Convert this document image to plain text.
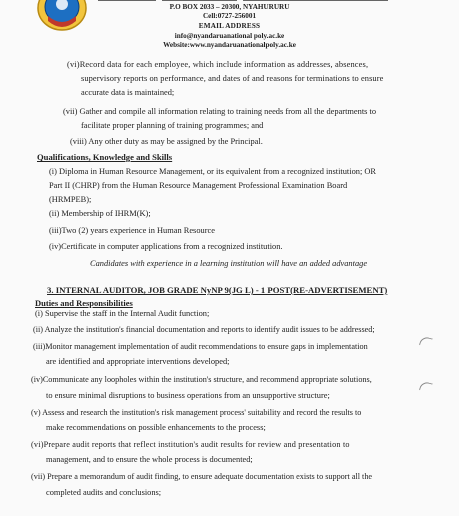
P.O BOX 2033 – 20300, NYAHURURU
Cell:0727-256001
EMAIL ADDRESS
info@nyandaruanational poly.ac.ke
Website:www.nyandaruanationalpoly.ac.ke
(vi)Record data for each employee, which include information as addresses, absences,
supervisory reports on performance, and dates of and reasons for terminations to ensure
accurate data is maintained;
(vii) Gather and compile all information relating to training needs from all the departments to
facilitate proper planning of training programmes; and
(viii) Any other duty as may be assigned by the Principal.
Qualifications, Knowledge and Skills
(i) Diploma in Human Resource Management, or its equivalent from a recognized institution; OR
Part II (CHRP) from the Human Resource Management Professional Examination Board
(HRMPEB);
(ii) Membership of IHRM(K);
(iii)Two (2) years experience in Human Resource
(iv)Certificate in computer applications from a recognized institution.
Candidates with experience in a learning institution will have an added advantage
3. INTERNAL AUDITOR, JOB GRADE NyNP 9(JG L) - 1 POST(RE-ADVERTISEMENT)
Duties and Responsibilities
(i) Supervise the staff in the Internal Audit function;
(ii) Analyze the institution's financial documentation and reports to identify audit issues to be addressed;
(iii)Monitor management implementation of audit recommendations to ensure gaps in implementation
are identified and appropriate interventions developed;
(iv)Communicate any loopholes within the institution's structure, and recommend appropriate solutions,
to ensure minimal disruptions to business operations from an unsupportive structure;
(v) Assess and research the institution's risk management process' suitability and record the results to
make recommendations on possible enhancements to the process;
(vi)Prepare audit reports that reflect institution's audit results for review and presentation to
management, and to ensure the whole process is documented;
(vii) Prepare a memorandum of audit finding, to ensure adequate documentation exists to support all the
completed audits and conclusions;
